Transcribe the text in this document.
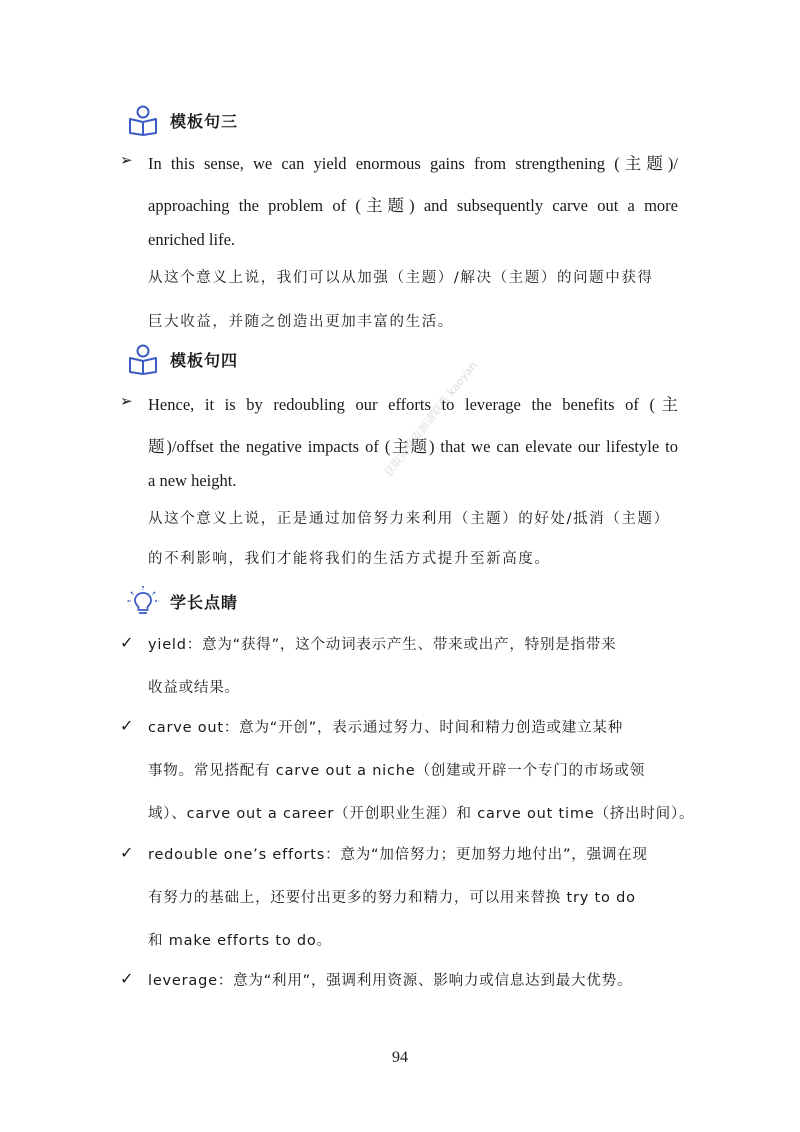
模板句三
➢ In this sense, we can yield enormous gains from strengthening (主题)/
approaching the problem of (主题) and subsequently carve out a more
enriched life.
从这个意义上说，我们可以从加强（主题）/解决（主题）的问题中获得
巨大收益，并随之创造出更加丰富的生活。
模板句四
➢ Hence, it is by redoubling our efforts to leverage the benefits of (主
题)/offset the negative impacts of (主题) that we can elevate our lifestyle to
a new height.
从这个意义上说，正是通过加倍努力来利用（主题）的好处/抵消（主题）
的不利影响，我们才能将我们的生活方式提升至新高度。
获取完整资源请联系 kaoyan
学长点睛
✓ yield：意为“获得”，这个动词表示产生、带来或出产，特别是指带来
收益或结果。
✓ carve out：意为“开创”，表示通过努力、时间和精力创造或建立某种
事物。常见搭配有 carve out a niche（创建或开辟一个专门的市场或领
域）、carve out a career（开创职业生涯）和 carve out time（挤出时间）。
✓ redouble one’s efforts：意为“加倍努力；更加努力地付出”，强调在现
有努力的基础上，还要付出更多的努力和精力，可以用来替换 try to do
和 make efforts to do。
✓ leverage：意为“利用”，强调利用资源、影响力或信息达到最大优势。
94
